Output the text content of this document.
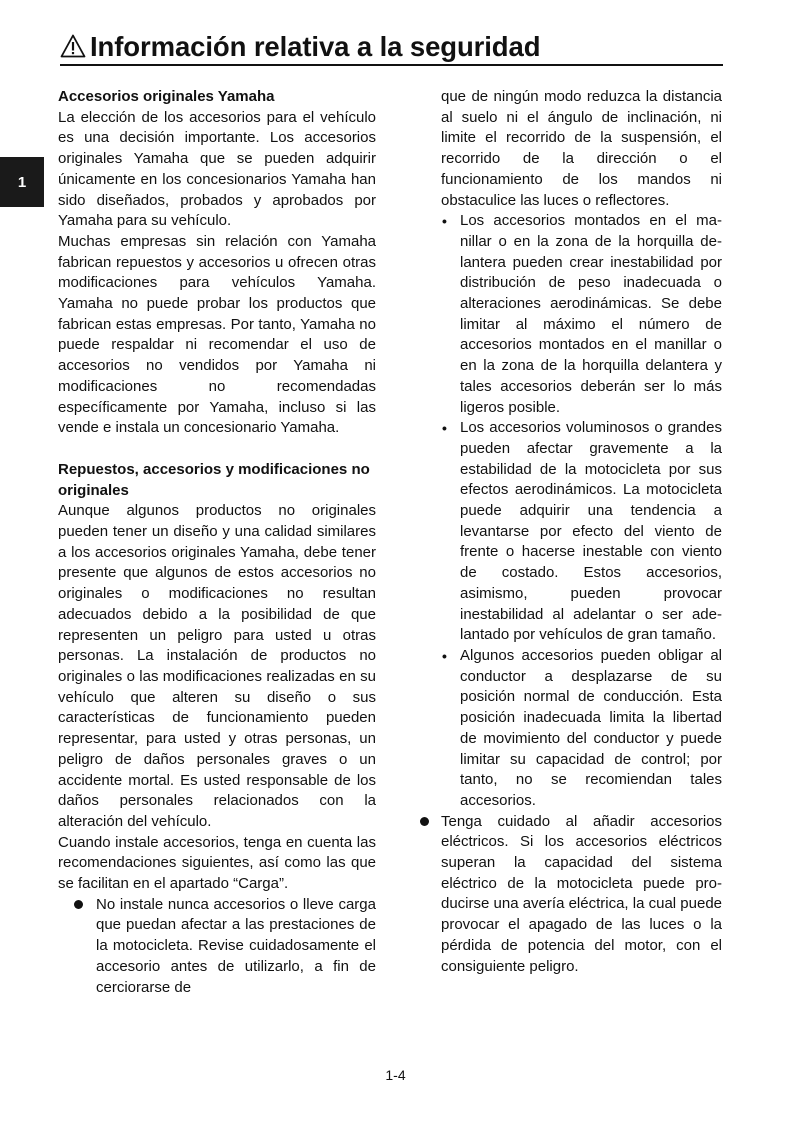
Información relativa a la seguridad
1
Accesorios originales Yamaha

La elección de los accesorios para el vehículo es una decisión importante. Los accesorios originales Yamaha que se pueden adquirir únicamente en los concesionarios Yamaha han sido diseñados, probados y aprobados por Yamaha para su vehículo.

Muchas empresas sin relación con Yamaha fabrican repuestos y accesorios u ofrecen otras modificaciones para vehículos Yamaha. Yamaha no puede probar los productos que fabrican estas empresas. Por tanto, Yamaha no puede respaldar ni recomendar el uso de accesorios no vendidos por Yamaha ni modificaciones no recomendadas específicamente por Yamaha, incluso si las vende e instala un concesionario Yamaha.

Repuestos, accesorios y modificaciones no originales

Aunque algunos productos no originales pueden tener un diseño y una calidad similares a los accesorios originales Yamaha, debe tener presente que algunos de estos accesorios no originales o modificaciones no resultan adecuados debido a la posibilidad de que representen un peligro para usted u otras personas. La instalación de productos no originales o las modificaciones realizadas en su vehículo que alteren su diseño o sus características de funcionamiento pueden representar, para usted y otras personas, un peligro de daños personales graves o un accidente mortal. Es usted responsable de los daños personales relacionados con la alteración del vehículo.

Cuando instale accesorios, tenga en cuenta las recomendaciones siguientes, así como las que se facilitan en el apartado “Carga”.

No instale nunca accesorios o lleve carga que puedan afectar a las prestaciones de la motocicleta. Revise cuidadosamente el accesorio antes de utilizarlo, a fin de cerciorarse de

que de ningún modo reduzca la distancia al suelo ni el ángulo de inclinación, ni limite el recorrido de la suspensión, el recorrido de la dirección o el funcionamiento de los mandos ni obstaculice las luces o reflectores.

• Los accesorios montados en el manillar o en la zona de la horquilla delantera pueden crear inestabilidad por distribución de peso inadecuada o alteraciones aerodinámicas. Se debe limitar al máximo el número de accesorios montados en el manillar o en la zona de la horquilla delantera y tales accesorios deberán ser lo más ligeros posible.
• Los accesorios voluminosos o grandes pueden afectar gravemente a la estabilidad de la motocicleta por sus efectos aerodinámicos. La motocicleta puede adquirir una tendencia a levantarse por efecto del viento de frente o hacerse inestable con viento de costado. Estos accesorios, asimismo, pueden provocar inestabilidad al adelantar o ser adelantado por vehículos de gran tamaño.
• Algunos accesorios pueden obligar al conductor a desplazarse de su posición normal de conducción. Esta posición inadecuada limita la libertad de movimiento del conductor y puede limitar su capacidad de control; por tanto, no se recomiendan tales accesorios.
Tenga cuidado al añadir accesorios eléctricos. Si los accesorios eléctricos superan la capacidad del sistema eléctrico de la motocicleta puede producirse una avería eléctrica, la cual puede provocar el apagado de las luces o la pérdida de potencia del motor, con el consiguiente peligro.
1-4
